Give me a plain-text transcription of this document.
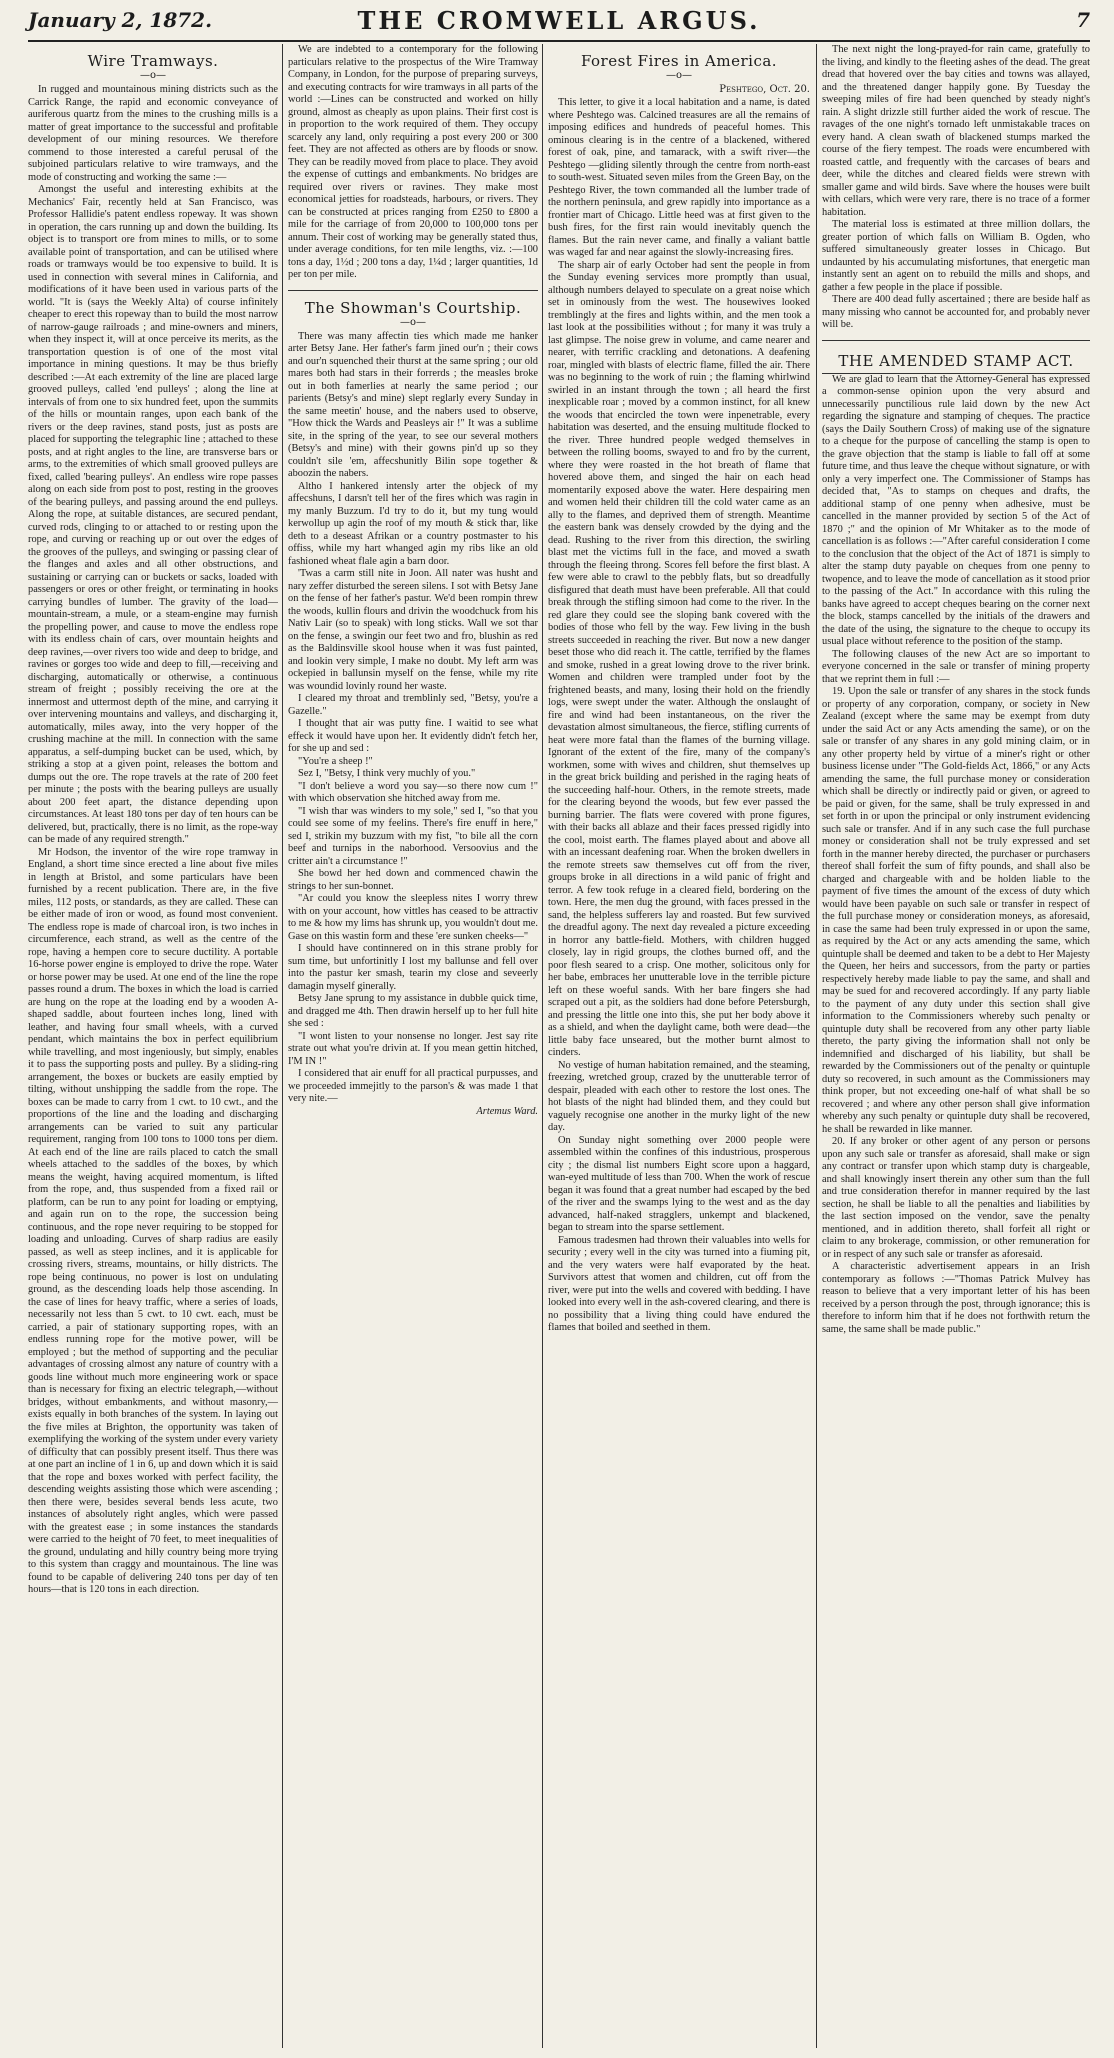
January 2, 1872.	THE CROMWELL ARGUS.	7
Wire Tramways.
—o—

In rugged and mountainous mining districts such as the Carrick Range, the rapid and economic conveyance of auriferous quartz from the mines to the crushing mills is a matter of great importance to the successful and profitable development of our mining resources. We therefore commend to those interested a careful perusal of the subjoined particulars relative to wire tramways, and the mode of constructing and working the same :—

Amongst the useful and interesting exhibits at the Mechanics' Fair, recently held at San Francisco, was Professor Hallidie's patent endless ropeway. It was shown in operation, the cars running up and down the building. Its object is to transport ore from mines to mills, or to some available point of transportation, and can be utilised where roads or tramways would be too expensive to build. It is used in connection with several mines in California, and modifications of it have been used in various parts of the world. "It is (says the Weekly Alta) of course infinitely cheaper to erect this ropeway than to build the most narrow of narrow-gauge railroads ; and mine-owners and miners, when they inspect it, will at once perceive its merits, as the transportation question is of one of the most vital importance in mining questions. It may be thus briefly described :—At each extremity of the line are placed large grooved pulleys, called 'end pulleys' ; along the line at intervals of from one to six hundred feet, upon the summits of the hills or mountain ranges, upon each bank of the rivers or the deep ravines, stand posts, just as posts are placed for supporting the telegraphic line ; attached to these posts, and at right angles to the line, are transverse bars or arms, to the extremities of which small grooved pulleys are fixed, called 'bearing pulleys'. An endless wire rope passes along on each side from post to post, resting in the grooves of the bearing pulleys, and passing around the end pulleys. Along the rope, at suitable distances, are secured pendant, curved rods, clinging to or attached to or resting upon the rope, and curving or reaching up or out over the edges of the grooves of the pulleys, and swinging or passing clear of the flanges and axles and all other obstructions, and sustaining or carrying can or buckets or sacks, loaded with passengers or ores or other freight, or terminating in hooks carrying bundles of lumber. The gravity of the load—mountain-stream, a mule, or a steam-engine may furnish the propelling power, and cause to move the endless rope with its endless chain of cars, over mountain heights and deep ravines,—over rivers too wide and deep to bridge, and ravines or gorges too wide and deep to fill,—receiving and discharging, automatically or otherwise, a continuous stream of freight ; possibly receiving the ore at the innermost and uttermost depth of the mine, and carrying it over intervening mountains and valleys, and discharging it, automatically, miles away, into the very hopper of the crushing machine at the mill. In connection with the same apparatus, a self-dumping bucket can be used, which, by striking a stop at a given point, releases the bottom and dumps out the ore. The rope travels at the rate of 200 feet per minute ; the posts with the bearing pulleys are usually about 200 feet apart, the distance depending upon circumstances. At least 180 tons per day of ten hours can be delivered, but, practically, there is no limit, as the rope-way can be made of any required strength."

Mr Hodson, the inventor of the wire rope tramway in England, a short time since erected a line about five miles in length at Bristol, and some particulars have been furnished by a recent publication. There are, in the five miles, 112 posts, or standards, as they are called. These can be either made of iron or wood, as found most convenient. The endless rope is made of charcoal iron, is two inches in circumference, each strand, as well as the centre of the rope, having a hempen core to secure ductility. A portable 16-horse power engine is employed to drive the rope. Water or horse power may be used. At one end of the line the rope passes round a drum. The boxes in which the load is carried are hung on the rope at the loading end by a wooden A-shaped saddle, about fourteen inches long, lined with leather, and having four small wheels, with a curved pendant, which maintains the box in perfect equilibrium while travelling, and most ingeniously, but simply, enables it to pass the supporting posts and pulley. By a sliding-ring arrangement, the boxes or buckets are easily emptied by tilting, without unshipping the saddle from the rope. The boxes can be made to carry from 1 cwt. to 10 cwt., and the proportions of the line and the loading and discharging arrangements can be varied to suit any particular requirement, ranging from 100 tons to 1000 tons per diem. At each end of the line are rails placed to catch the small wheels attached to the saddles of the boxes, by which means the weight, having acquired momentum, is lifted from the rope, and, thus suspended from a fixed rail or platform, can be run to any point for loading or emptying, and again run on to the rope, the succession being continuous, and the rope never requiring to be stopped for loading and unloading. Curves of sharp radius are easily passed, as well as steep inclines, and it is applicable for crossing rivers, streams, mountains, or hilly districts. The rope being continuous, no power is lost on undulating ground, as the descending loads help those ascending. In the case of lines for heavy traffic, where a series of loads, necessarily not less than 5 cwt. to 10 cwt. each, must be carried, a pair of stationary supporting ropes, with an endless running rope for the motive power, will be employed ; but the method of supporting and the peculiar advantages of crossing almost any nature of country with a goods line without much more engineering work or space than is necessary for fixing an electric telegraph,—without bridges, without embankments, and without masonry,—exists equally in both branches of the system. In laying out the five miles at Brighton, the opportunity was taken of exemplifying the working of the system under every variety of difficulty that can possibly present itself. Thus there was at one part an incline of 1 in 6, up and down which it is said that the rope and boxes worked with perfect facility, the descending weights assisting those which were ascending ; then there were, besides several bends less acute, two instances of absolutely right angles, which were passed with the greatest ease ; in some instances the standards were carried to the height of 70 feet, to meet inequalities of the ground, undulating and hilly country being more trying to this system than craggy and mountainous. The line was found to be capable of delivering 240 tons per day of ten hours—that is 120 tons in each direction.

We are indebted to a contemporary for the following particulars relative to the prospectus of the Wire Tramway Company, in London, for the purpose of preparing surveys, and executing contracts for wire tramways in all parts of the world :—Lines can be constructed and worked on hilly ground, almost as cheaply as upon plains. Their first cost is in proportion to the work required of them. They occupy scarcely any land, only requiring a post every 200 or 300 feet. They are not affected as others are by floods or snow. They can be readily moved from place to place. They avoid the expense of cuttings and embankments. No bridges are required over rivers or ravines. They make most economical jetties for roadsteads, harbours, or rivers. They can be constructed at prices ranging from £250 to £800 a mile for the carriage of from 20,000 to 100,000 tons per annum. Their cost of working may be generally stated thus, under average conditions, for ten mile lengths, viz. :—100 tons a day, 1½d ; 200 tons a day, 1¼d ; larger quantities, 1d per ton per mile.

The Showman's Courtship.
—o—

There was many affectin ties which made me hanker arter Betsy Jane. Her father's farm jined our'n ; their cows and our'n squenched their thurst at the same spring ; our old mares both had stars in their forrerds ; the measles broke out in both famerlies at nearly the same period ; our parients (Betsy's and mine) slept reglarly every Sunday in the same meetin' house, and the nabers used to observe, "How thick the Wards and Peasleys air !" It was a sublime site, in the spring of the year, to see our several mothers (Betsy's and mine) with their gowns pin'd up so they couldn't sile 'em, affecshunitly Bilin sope together & aboozin the nabers.

Altho I hankered intensly arter the objeck of my affecshuns, I darsn't tell her of the fires which was ragin in my manly Buzzum. I'd try to do it, but my tung would kerwollup up agin the roof of my mouth & stick thar, like deth to a deseast Afrikan or a country postmaster to his offiss, while my hart whanged agin my ribs like an old fashioned wheat flale agin a barn door.

'Twas a carm still nite in Joon. All nater was husht and nary zeffer disturbed the sereen silens. I sot with Betsy Jane on the fense of her father's pastur. We'd been rompin threw the woods, kullin flours and drivin the woodchuck from his Nativ Lair (so to speak) with long sticks. Wall we sot thar on the fense, a swingin our feet two and fro, blushin as red as the Baldinsville skool house when it was fust painted, and lookin very simple, I make no doubt. My left arm was ockepied in ballunsin myself on the fense, while my rite was woundid lovinly round her waste.

I cleared my throat and tremblinly sed, "Betsy, you're a Gazelle."

I thought that air was putty fine. I waitid to see what effeck it would have upon her. It evidently didn't fetch her, for she up and sed :

"You're a sheep !"

Sez I, "Betsy, I think very muchly of you."

"I don't believe a word you say—so there now cum !" with which observation she hitched away from me.

"I wish thar was winders to my sole," sed I, "so that you could see some of my feelins. There's fire enuff in here," sed I, strikin my buzzum with my fist, "to bile all the corn beef and turnips in the naborhood. Versoovius and the critter ain't a circumstance !"

She bowd her hed down and commenced chawin the strings to her sun-bonnet.

"Ar could you know the sleepless nites I worry threw with on your account, how vittles has ceased to be attractiv to me & how my lims has shrunk up, you wouldn't dout me. Gase on this wastin form and these 'ere sunken cheeks—"

I should have continnered on in this strane probly for sum time, but unfortinitly I lost my ballunse and fell over into the pastur ker smash, tearin my close and seveerly damagin myself ginerally.

Betsy Jane sprung to my assistance in dubble quick time, and dragged me 4th. Then drawin herself up to her full hite she sed :

"I wont listen to your nonsense no longer. Jest say rite strate out what you're drivin at. If you mean gettin hitched, I'M IN !"

I considered that air enuff for all practical purpusses, and we proceeded immejitly to the parson's & was made 1 that very nite.—

Artemus Ward.

Forest Fires in America.
—o—
Peshtego, Oct. 20.

This letter, to give it a local habitation and a name, is dated where Peshtego was. Calcined treasures are all the remains of imposing edifices and hundreds of peaceful homes. This ominous clearing is in the centre of a blackened, withered forest of oak, pine, and tamarack, with a swift river—the Peshtego —gliding silently through the centre from north-east to south-west. Situated seven miles from the Green Bay, on the Peshtego River, the town commanded all the lumber trade of the northern peninsula, and grew rapidly into importance as a frontier mart of Chicago. Little heed was at first given to the bush fires, for the first rain would inevitably quench the flames. But the rain never came, and finally a valiant battle was waged far and near against the slowly-increasing fires.

The sharp air of early October had sent the people in from the Sunday evening services more promptly than usual, although numbers delayed to speculate on a great noise which set in ominously from the west. The housewives looked tremblingly at the fires and lights within, and the men took a last look at the possibilities without ; for many it was truly a last glimpse. The noise grew in volume, and came nearer and nearer, with terrific crackling and detonations. A deafening roar, mingled with blasts of electric flame, filled the air. There was no beginning to the work of ruin ; the flaming whirlwind swirled in an instant through the town ; all heard the first inexplicable roar ; moved by a common instinct, for all knew the woods that encircled the town were inpenetrable, every habitation was deserted, and the ensuing multitude flocked to the river. Three hundred people wedged themselves in between the rolling booms, swayed to and fro by the current, where they were roasted in the hot breath of flame that hovered above them, and singed the hair on each head momentarily exposed above the water. Here despairing men and women held their children till the cold water came as an ally to the flames, and deprived them of strength. Meantime the eastern bank was densely crowded by the dying and the dead. Rushing to the river from this direction, the swirling blast met the victims full in the face, and moved a swath through the fleeing throng. Scores fell before the first blast. A few were able to crawl to the pebbly flats, but so dreadfully disfigured that death must have been preferable. All that could break through the stifling simoon had come to the river. In the red glare they could see the sloping bank covered with the bodies of those who fell by the way. Few living in the bush streets succeeded in reaching the river. But now a new danger beset those who did reach it. The cattle, terrified by the flames and smoke, rushed in a great lowing drove to the river brink. Women and children were trampled under foot by the frightened beasts, and many, losing their hold on the friendly logs, were swept under the water. Although the onslaught of fire and wind had been instantaneous, on the river the devastation almost simultaneous, the fierce, stifling currents of heat were more fatal than the flames of the burning village. Ignorant of the extent of the fire, many of the company's workmen, some with wives and children, shut themselves up in the great brick building and perished in the raging heats of the succeeding half-hour. Others, in the remote streets, made for the clearing beyond the woods, but few ever passed the burning barrier. The flats were covered with prone figures, with their backs all ablaze and their faces pressed rigidly into the cool, moist earth. The flames played about and above all with an incessant deafening roar. When the broken dwellers in the remote streets saw themselves cut off from the river, groups broke in all directions in a wild panic of fright and terror. A few took refuge in a cleared field, bordering on the town. Here, the men dug the ground, with faces pressed in the sand, the helpless sufferers lay and roasted. But few survived the dreadful agony. The next day revealed a picture exceeding in horror any battle-field. Mothers, with children hugged closely, lay in rigid groups, the clothes burned off, and the poor flesh seared to a crisp. One mother, solicitous only for her babe, embraces her unutterable love in the terrible picture left on these woeful sands. With her bare fingers she had scraped out a pit, as the soldiers had done before Petersburgh, and pressing the little one into this, she put her body above it as a shield, and when the daylight came, both were dead—the little baby face unseared, but the mother burnt almost to cinders.

No vestige of human habitation remained, and the steaming, freezing, wretched group, crazed by the unutterable terror of despair, pleaded with each other to restore the lost ones. The hot blasts of the night had blinded them, and they could but vaguely recognise one another in the murky light of the new day.

On Sunday night something over 2000 people were assembled within the confines of this industrious, prosperous city ; the dismal list numbers Eight score upon a haggard, wan-eyed multitude of less than 700. When the work of rescue began it was found that a great number had escaped by the bed of the river and the swamps lying to the west and as the day advanced, half-naked stragglers, unkempt and blackened, began to stream into the sparse settlement.

Famous tradesmen had thrown their valuables into wells for security ; every well in the city was turned into a fiuming pit, and the very waters were half evaporated by the heat. Survivors attest that women and children, cut off from the river, were put into the wells and covered with bedding. I have looked into every well in the ash-covered clearing, and there is no possibility that a living thing could have endured the flames that boiled and seethed in them.

The next night the long-prayed-for rain came, gratefully to the living, and kindly to the fleeting ashes of the dead. The great dread that hovered over the bay cities and towns was allayed, and the threatened danger happily gone. By Tuesday the sweeping miles of fire had been quenched by steady night's rain. A slight drizzle still further aided the work of rescue. The ravages of the one night's tornado left unmistakable traces on every hand. A clean swath of blackened stumps marked the course of the fiery tempest. The roads were encumbered with roasted cattle, and frequently with the carcases of bears and deer, while the ditches and cleared fields were strewn with smaller game and wild birds. Save where the houses were built with cellars, which were very rare, there is no trace of a former habitation.

The material loss is estimated at three million dollars, the greater portion of which falls on William B. Ogden, who suffered simultaneously greater losses in Chicago. But undaunted by his accumulating misfortunes, that energetic man instantly sent an agent on to rebuild the mills and shops, and gather a few people in the place if possible.

There are 400 dead fully ascertained ; there are beside half as many missing who cannot be accounted for, and probably never will be.

THE AMENDED STAMP ACT.

We are glad to learn that the Attorney-General has expressed a common-sense opinion upon the very absurd and unnecessarily punctilious rule laid down by the new Act regarding the signature and stamping of cheques. The practice (says the Daily Southern Cross) of making use of the signature to a cheque for the purpose of cancelling the stamp is open to the grave objection that the stamp is liable to fall off at some future time, and thus leave the cheque without signature, or with only a very imperfect one. The Commissioner of Stamps has decided that, "As to stamps on cheques and drafts, the additional stamp of one penny when adhesive, must be cancelled in the manner provided by section 5 of the Act of 1870 ;" and the opinion of Mr Whitaker as to the mode of cancellation is as follows :—"After careful consideration I come to the conclusion that the object of the Act of 1871 is simply to alter the stamp duty payable on cheques from one penny to twopence, and to leave the mode of cancellation as it stood prior to the passing of the Act." In accordance with this ruling the banks have agreed to accept cheques bearing on the corner next the block, stamps cancelled by the initials of the drawers and the date of the using, the signature to the cheque to occupy its usual place without reference to the position of the stamp.

The following clauses of the new Act are so important to everyone concerned in the sale or transfer of mining property that we reprint them in full :—

19. Upon the sale or transfer of any shares in the stock funds or property of any corporation, company, or society in New Zealand (except where the same may be exempt from duty under the said Act or any Acts amending the same), or on the sale or transfer of any shares in any gold mining claim, or in any other property held by virtue of a miner's right or other business license under "The Gold-fields Act, 1866," or any Acts amending the same, the full purchase money or consideration which shall be directly or indirectly paid or given, or agreed to be paid or given, for the same, shall be truly expressed in and set forth in or upon the principal or only instrument evidencing such sale or transfer. And if in any such case the full purchase money or consideration shall not be truly expressed and set forth in the manner hereby directed, the purchaser or purchasers thereof shall forfeit the sum of fifty pounds, and shall also be charged and chargeable with and be holden liable to the payment of five times the amount of the excess of duty which would have been payable on such sale or transfer in respect of the full purchase money or consideration moneys, as aforesaid, in case the same had been truly expressed in or upon the same, as required by the Act or any acts amending the same, which quintuple shall be deemed and taken to be a debt to Her Majesty the Queen, her heirs and successors, from the party or parties respectively hereby made liable to pay the same, and shall and may be sued for and recovered accordingly. If any party liable to the payment of any duty under this section shall give information to the Commissioners whereby such penalty or quintuple duty shall be recovered from any other party liable thereto, the party giving the information shall not only be indemnified and discharged of his liability, but shall be rewarded by the Commissioners out of the penalty or quintuple duty so recovered, in such amount as the Commissioners may think proper, but not exceeding one-half of what shall be so recovered ; and where any other person shall give information whereby any such penalty or quintuple duty shall be recovered, he shall be rewarded in like manner.

20. If any broker or other agent of any person or persons upon any such sale or transfer as aforesaid, shall make or sign any contract or transfer upon which stamp duty is chargeable, and shall knowingly insert therein any other sum than the full and true consideration therefor in manner required by the last section, he shall be liable to all the penalties and liabilities by the last section imposed on the vendor, save the penalty mentioned, and in addition thereto, shall forfeit all right or claim to any brokerage, commission, or other remuneration for or in respect of any such sale or transfer as aforesaid.

A characteristic advertisement appears in an Irish contemporary as follows :—"Thomas Patrick Mulvey has reason to believe that a very important letter of his has been received by a person through the post, through ignorance; this is therefore to inform him that if he does not forthwith return the same, the same shall be made public."
